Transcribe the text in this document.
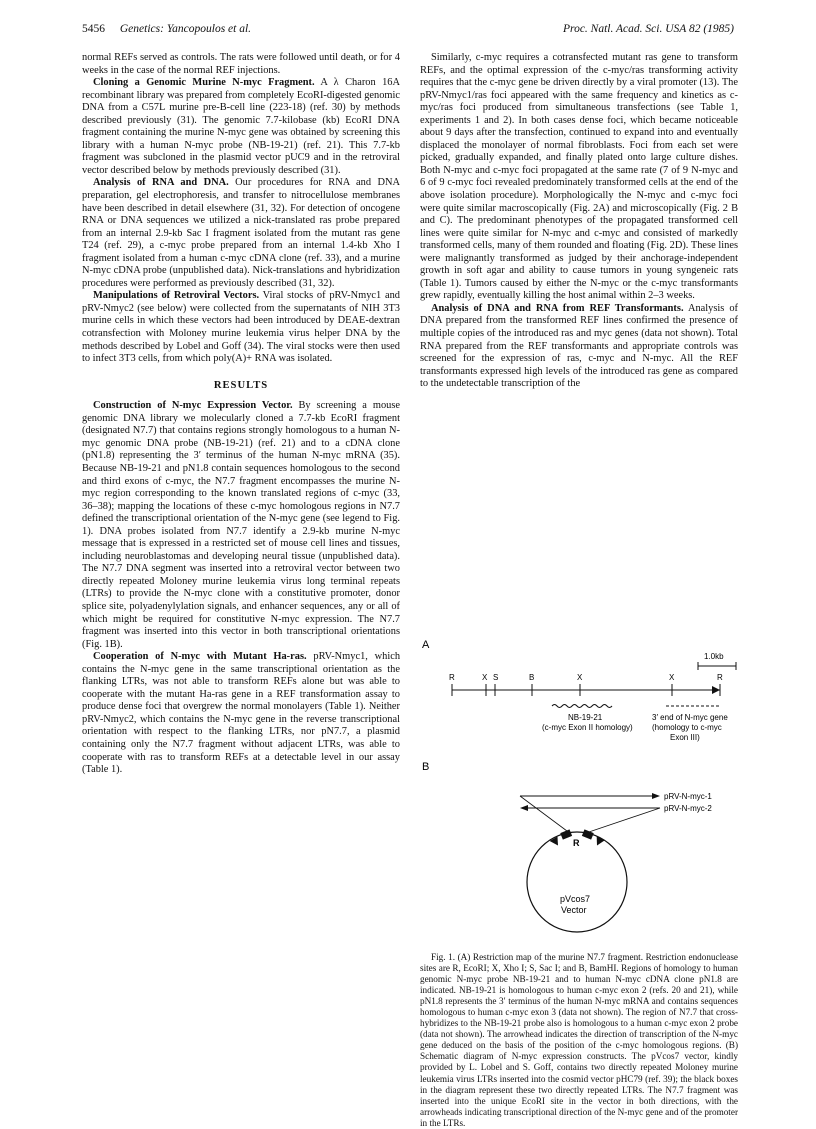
5456 Genetics: Yancopoulos et al.	Proc. Natl. Acad. Sci. USA 82 (1985)

normal REFs served as controls. The rats were followed until death, or for 4 weeks in the case of the normal REF injections.

Cloning a Genomic Murine N-myc Fragment. A λ Charon 16A recombinant library was prepared from completely EcoRI-digested genomic DNA from a C57L murine pre-B-cell line (223-18) (ref. 30) by methods described previously (31). The genomic 7.7-kilobase (kb) EcoRI DNA fragment containing the murine N-myc gene was obtained by screening this library with a human N-myc probe (NB-19-21) (ref. 21). This 7.7-kb fragment was subcloned in the plasmid vector pUC9 and in the retroviral vector described below by methods previously described (31).

Analysis of RNA and DNA. Our procedures for RNA and DNA preparation, gel electrophoresis, and transfer to nitrocellulose membranes have been described in detail elsewhere (31, 32). For detection of oncogene RNA or DNA sequences we utilized a nick-translated ras probe prepared from an internal 2.9-kb Sac I fragment isolated from the mutant ras gene T24 (ref. 29), a c-myc probe prepared from an internal 1.4-kb Xho I fragment isolated from a human c-myc cDNA clone (ref. 33), and a murine N-myc cDNA probe (unpublished data). Nick-translations and hybridization procedures were performed as previously described (31, 32).

Manipulations of Retroviral Vectors. Viral stocks of pRV-Nmyc1 and pRV-Nmyc2 (see below) were collected from the supernatants of NIH 3T3 murine cells in which these vectors had been introduced by DEAE-dextran cotransfection with Moloney murine leukemia virus helper DNA by the methods described by Lobel and Goff (34). The viral stocks were then used to infect 3T3 cells, from which poly(A)+ RNA was isolated.

RESULTS

Construction of N-myc Expression Vector. By screening a mouse genomic DNA library we molecularly cloned a 7.7-kb EcoRI fragment (designated N7.7) that contains regions strongly homologous to a human N-myc genomic DNA probe (NB-19-21) (ref. 21) and to a cDNA clone (pN1.8) representing the 3′ terminus of the human N-myc mRNA (35). Because NB-19-21 and pN1.8 contain sequences homologous to the second and third exons of c-myc, the N7.7 fragment encompasses the murine N-myc region corresponding to the known translated regions of c-myc (33, 36–38); mapping the locations of these c-myc homologous regions in N7.7 defined the transcriptional orientation of the N-myc gene (see legend to Fig. 1). DNA probes isolated from N7.7 identify a 2.9-kb murine N-myc message that is expressed in a restricted set of mouse cell lines and tissues, including neuroblastomas and developing neural tissue (unpublished data). The N7.7 DNA segment was inserted into a retroviral vector between two directly repeated Moloney murine leukemia virus long terminal repeats (LTRs) to provide the N-myc clone with a constitutive promoter, donor splice site, polyadenylylation signals, and enhancer sequences, any or all of which might be required for constitutive N-myc expression. The N7.7 fragment was inserted into this vector in both transcriptional orientations (Fig. 1B).

Cooperation of N-myc with Mutant Ha-ras. pRV-Nmyc1, which contains the N-myc gene in the same transcriptional orientation as the flanking LTRs, was not able to transform REFs alone but was able to cooperate with the mutant Ha-ras gene in a REF transformation assay to produce dense foci that overgrew the normal monolayers (Table 1). Neither pRV-Nmyc2, which contains the N-myc gene in the reverse transcriptional orientation with respect to the flanking LTRs, nor pN7.7, a plasmid containing only the N7.7 fragment without adjacent LTRs, was able to cooperate with ras to transform REFs at a detectable level in our assay (Table 1).

Similarly, c-myc requires a cotransfected mutant ras gene to transform REFs, and the optimal expression of the c-myc/ras transforming activity requires that the c-myc gene be driven directly by a viral promoter (13). The pRV-Nmyc1/ras foci appeared with the same frequency and kinetics as c-myc/ras foci produced from simultaneous transfections (see Table 1, experiments 1 and 2). In both cases dense foci, which became noticeable about 9 days after the transfection, continued to expand into and eventually displaced the monolayer of normal fibroblasts. Foci from each set were picked, gradually expanded, and finally plated onto large culture dishes. Both N-myc and c-myc foci propagated at the same rate (7 of 9 N-myc and 6 of 9 c-myc foci revealed predominately transformed cells at the end of the above isolation procedure). Morphologically the N-myc and c-myc foci were quite similar macroscopically (Fig. 2A) and microscopically (Fig. 2 B and C). The predominant phenotypes of the propagated transformed cell lines were quite similar for N-myc and c-myc and consisted of markedly transformed cells, many of them rounded and floating (Fig. 2D). These lines were malignantly transformed as judged by their anchorage-independent growth in soft agar and ability to cause tumors in young syngeneic rats (Table 1). Tumors caused by either the N-myc or the c-myc transformants grew rapidly, eventually killing the host animal within 2–3 weeks.

Analysis of DNA and RNA from REF Transformants. Analysis of DNA prepared from the transformed REF lines confirmed the presence of multiple copies of the introduced ras and myc genes (data not shown). Total RNA prepared from the REF transformants and appropriate controls was screened for the expression of ras, c-myc and N-myc. All the REF transformants expressed high levels of the introduced ras gene as compared to the undetectable transcription of the

A
1.0kb
R	X S	B	X	X	R
NB-19-21
(c-myc Exon II homology)
3′ end of N-myc gene
(homology to c-myc
Exon III)
B
pRV-N-myc-1
pRV-N-myc-2
R
pVcos7
Vector

Fig. 1. (A) Restriction map of the murine N7.7 fragment. Restriction endonuclease sites are R, EcoRI; X, Xho I; S, Sac I; and B, BamHI. Regions of homology to human genomic N-myc probe NB-19-21 and to human N-myc cDNA clone pN1.8 are indicated. NB-19-21 is homologous to human c-myc exon 2 (refs. 20 and 21), while pN1.8 represents the 3′ terminus of the human N-myc mRNA and contains sequences homologous to human c-myc exon 3 (data not shown). The region of N7.7 that cross-hybridizes to the NB-19-21 probe also is homologous to a human c-myc exon 2 probe (data not shown). The arrowhead indicates the direction of transcription of the N-myc gene deduced on the basis of the position of the c-myc homologous regions. (B) Schematic diagram of N-myc expression constructs. The pVcos7 vector, kindly provided by L. Lobel and S. Goff, contains two directly repeated Moloney murine leukemia virus LTRs inserted into the cosmid vector pHC79 (ref. 39); the black boxes in the diagram represent these two directly repeated LTRs. The N7.7 fragment was inserted into the unique EcoRI site in the vector in both directions, with the arrowheads indicating transcriptional direction of the N-myc gene and of the promoter in the LTRs.
